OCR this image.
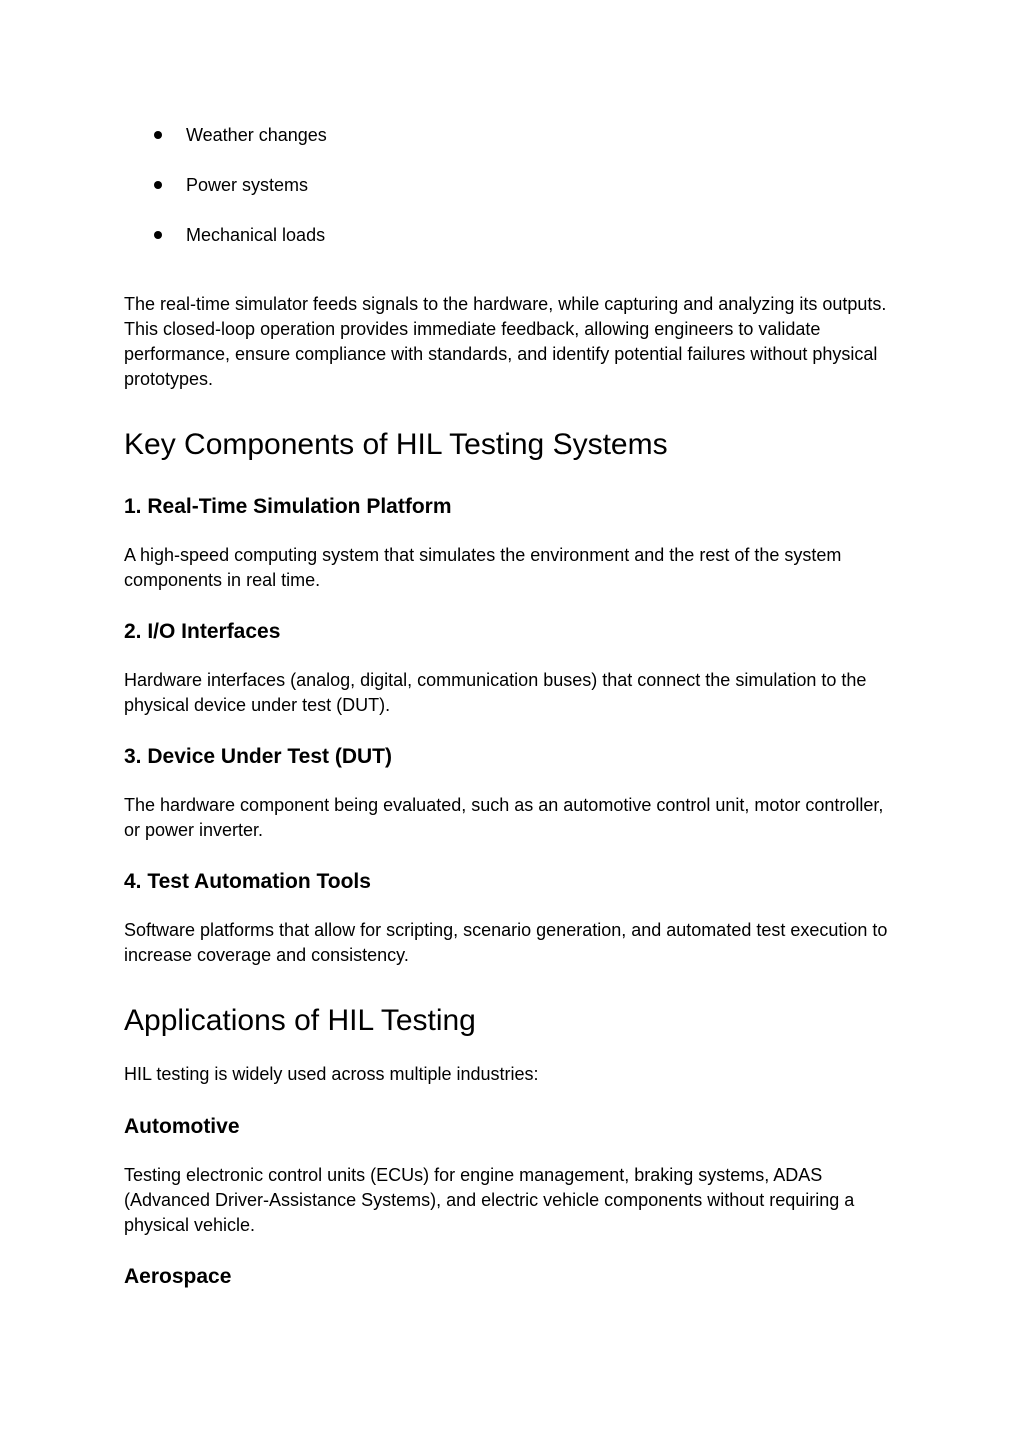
Weather changes
Power systems
Mechanical loads

The real-time simulator feeds signals to the hardware, while capturing and analyzing its outputs. This closed-loop operation provides immediate feedback, allowing engineers to validate performance, ensure compliance with standards, and identify potential failures without physical prototypes.

Key Components of HIL Testing Systems
1. Real-Time Simulation Platform

A high-speed computing system that simulates the environment and the rest of the system components in real time.

2. I/O Interfaces

Hardware interfaces (analog, digital, communication buses) that connect the simulation to the physical device under test (DUT).

3. Device Under Test (DUT)

The hardware component being evaluated, such as an automotive control unit, motor controller, or power inverter.

4. Test Automation Tools

Software platforms that allow for scripting, scenario generation, and automated test execution to increase coverage and consistency.

Applications of HIL Testing

HIL testing is widely used across multiple industries:

Automotive

Testing electronic control units (ECUs) for engine management, braking systems, ADAS (Advanced Driver-Assistance Systems), and electric vehicle components without requiring a physical vehicle.

Aerospace
